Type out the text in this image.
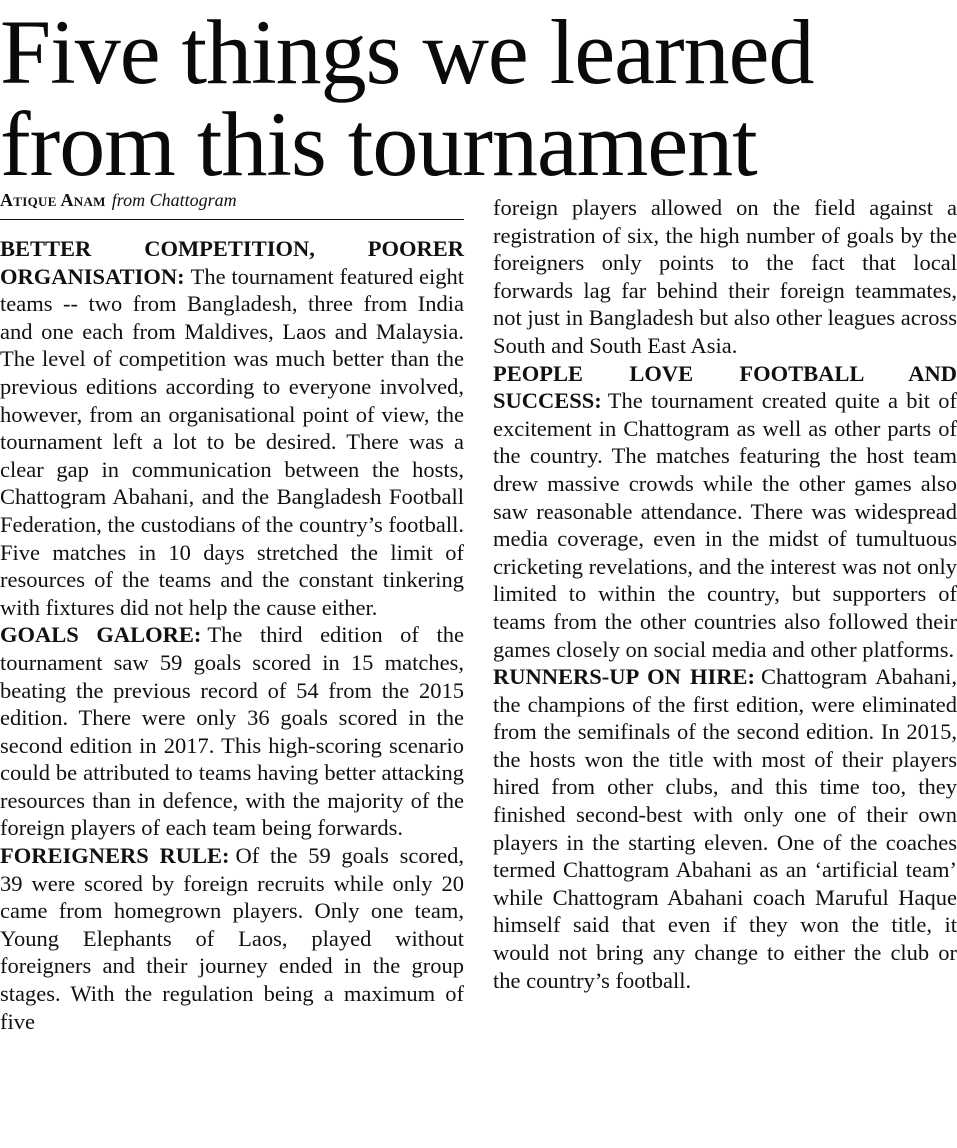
Five things we learned
from this tournament
Atique Anam from Chattogram

BETTER COMPETITION, POORER ORGANISATION: The tournament featured eight teams -- two from Bangladesh, three from India and one each from Maldives, Laos and Malaysia. The level of competition was much better than the previous editions according to everyone involved, however, from an organisational point of view, the tournament left a lot to be desired. There was a clear gap in communication between the hosts, Chattogram Abahani, and the Bangladesh Football Federation, the custodians of the country’s football. Five matches in 10 days stretched the limit of resources of the teams and the constant tinkering with fixtures did not help the cause either.

GOALS GALORE: The third edition of the tournament saw 59 goals scored in 15 matches, beating the previous record of 54 from the 2015 edition. There were only 36 goals scored in the second edition in 2017. This high-scoring scenario could be attributed to teams having better attacking resources than in defence, with the majority of the foreign players of each team being forwards.

FOREIGNERS RULE: Of the 59 goals scored, 39 were scored by foreign recruits while only 20 came from homegrown players. Only one team, Young Elephants of Laos, played without foreigners and their journey ended in the group stages. With the regulation being a maximum of five

foreign players allowed on the field against a registration of six, the high number of goals by the foreigners only points to the fact that local forwards lag far behind their foreign teammates, not just in Bangladesh but also other leagues across South and South East Asia.

PEOPLE LOVE FOOTBALL AND SUCCESS: The tournament created quite a bit of excitement in Chattogram as well as other parts of the country. The matches featuring the host team drew massive crowds while the other games also saw reasonable attendance. There was widespread media coverage, even in the midst of tumultuous cricketing revelations, and the interest was not only limited to within the country, but supporters of teams from the other countries also followed their games closely on social media and other platforms.

RUNNERS-UP ON HIRE: Chattogram Abahani, the champions of the first edition, were eliminated from the semifinals of the second edition. In 2015, the hosts won the title with most of their players hired from other clubs, and this time too, they finished second-best with only one of their own players in the starting eleven. One of the coaches termed Chattogram Abahani as an ‘artificial team’ while Chattogram Abahani coach Maruful Haque himself said that even if they won the title, it would not bring any change to either the club or the country’s football.
